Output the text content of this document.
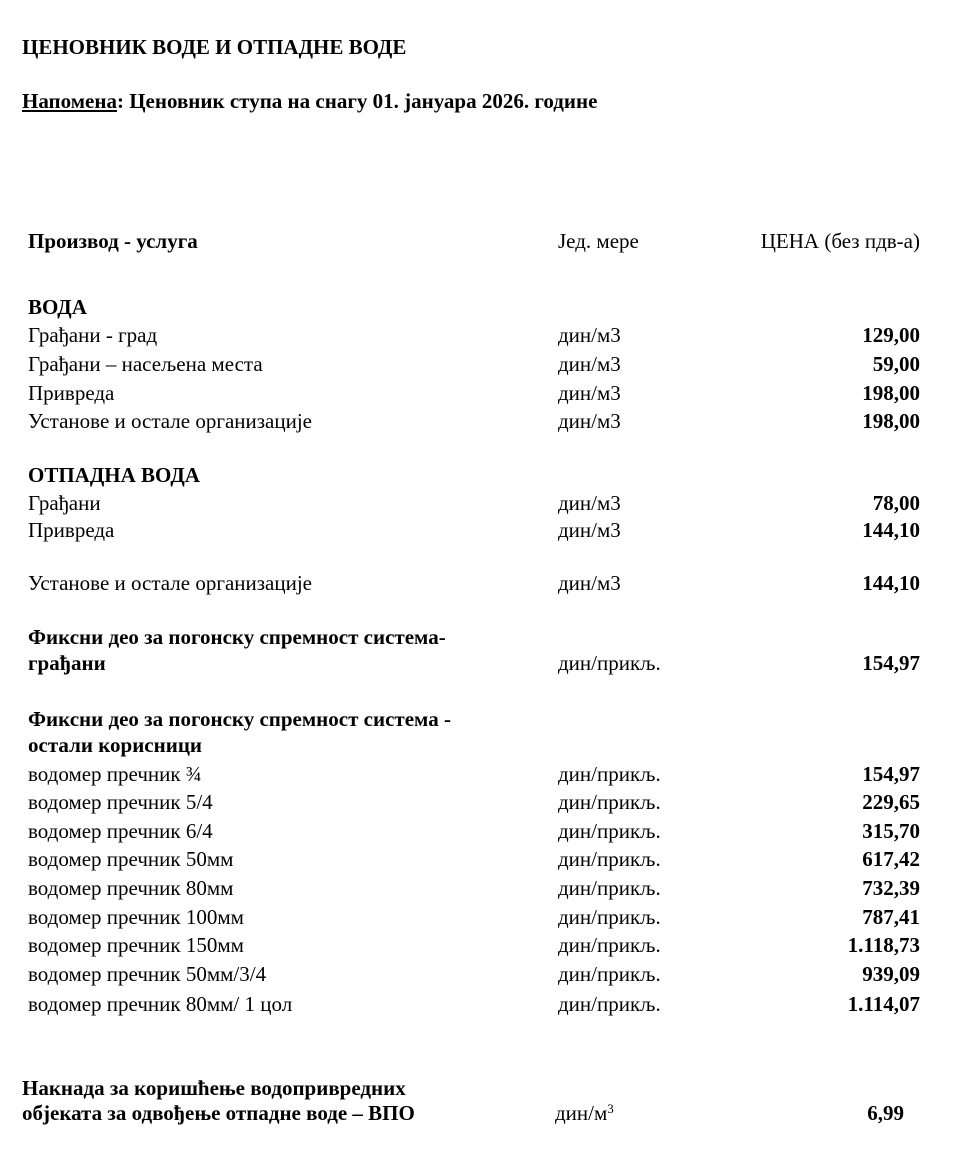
ЦЕНОВНИК ВОДЕ И ОТПАДНЕ ВОДЕ
Напомена: Ценовник ступа на снагу 01. јануара 2026. године
Производ - услуга	Јед. мере	ЦЕНА (без пдв-а)
ВОДА
Грађани - град	дин/м3	129,00
Грађани – насељена места	дин/м3	59,00
Привреда	дин/м3	198,00
Установе и остале организације	дин/м3	198,00
ОТПАДНА ВОДА
Грађани	дин/м3	78,00
Привреда	дин/м3	144,10
Установе и остале организације	дин/м3	144,10
Фиксни део за погонску спремност система-
грађани	дин/прикљ.	154,97
Фиксни део за погонску спремност система -
остали корисници
водомер пречник ¾	дин/прикљ.	154,97
водомер пречник 5/4	дин/прикљ.	229,65
водомер пречник 6/4	дин/прикљ.	315,70
водомер пречник 50мм	дин/прикљ.	617,42
водомер пречник 80мм	дин/прикљ.	732,39
водомер пречник 100мм	дин/прикљ.	787,41
водомер пречник 150мм	дин/прикљ.	1.118,73
водомер пречник 50мм/3/4	дин/прикљ.	939,09
водомер пречник 80мм/ 1 цол	дин/прикљ.	1.114,07
Накнада за коришћење водопривредних
објеката за одвођење отпадне воде – ВПО	дин/$м^3$	6,99
